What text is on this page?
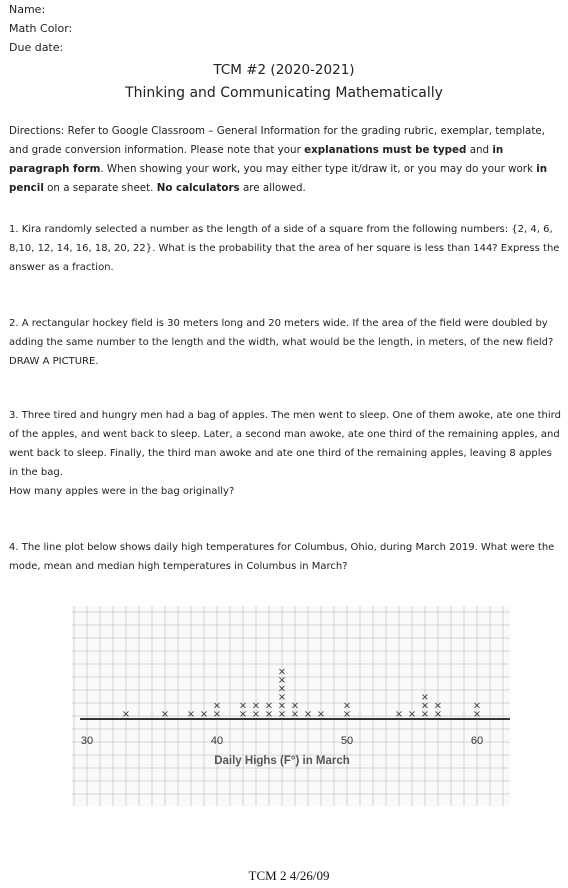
Name:
Math Color:
Due date:
TCM #2 (2020-2021)
Thinking and Communicating Mathematically

Directions: Refer to Google Classroom – General Information for the grading rubric, exemplar, template, and grade conversion information. Please note that your explanations must be typed and in paragraph form. When showing your work, you may either type it/draw it, or you may do your work in pencil on a separate sheet. No calculators are allowed.

1. Kira randomly selected a number as the length of a side of a square from the following numbers: {2, 4, 6, 8,10, 12, 14, 16, 18, 20, 22}. What is the probability that the area of her square is less than 144? Express the answer as a fraction.

2. A rectangular hockey field is 30 meters long and 20 meters wide. If the area of the field were doubled by adding the same number to the length and the width, what would be the length, in meters, of the new field? DRAW A PICTURE.

3. Three tired and hungry men had a bag of apples. The men went to sleep. One of them awoke, ate one third of the apples, and went back to sleep. Later, a second man awoke, ate one third of the remaining apples, and went back to sleep. Finally, the third man awoke and ate one third of the remaining apples, leaving 8 apples in the bag.
How many apples were in the bag originally?

4. The line plot below shows daily high temperatures for Columbus, Ohio, during March 2019. What were the mode, mean and median high temperatures in Columbus in March?

30	40	50	60
Daily Highs (F°) in March
×	× × × ×
×
×
×
×
×
×
×
×
×
×
×
×
×
×
×
× × ×
×
× × ×
×
×
×
×
×
×
TCM 2 4/26/09
